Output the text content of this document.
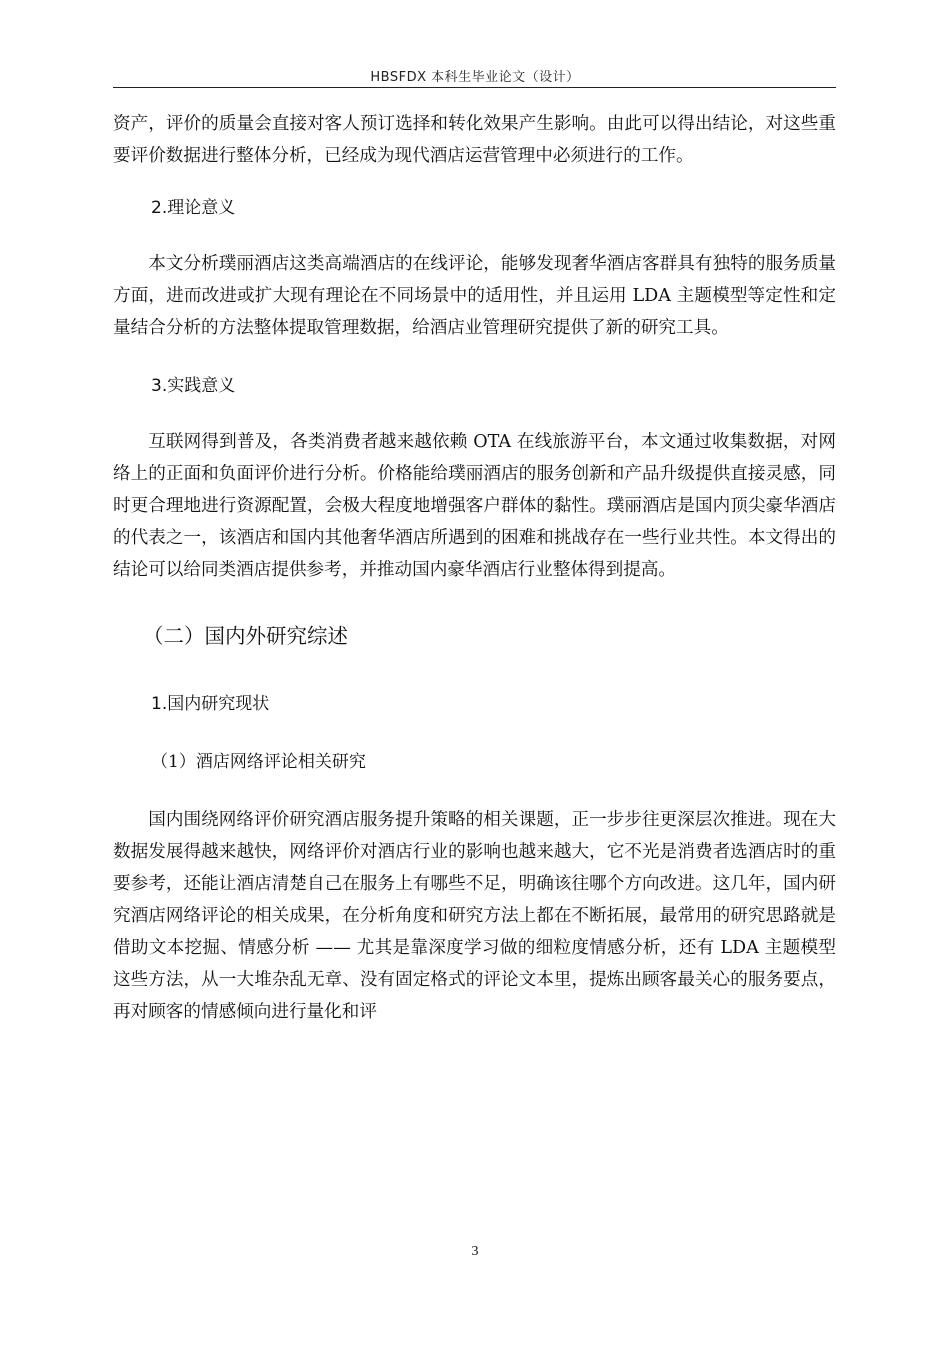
HBSFDX 本科生毕业论文（设计）

资产，评价的质量会直接对客人预订选择和转化效果产生影响。由此可以得出结论，对这些重要评价数据进行整体分析，已经成为现代酒店运营管理中必须进行的工作。

2.理论意义

本文分析璞丽酒店这类高端酒店的在线评论，能够发现奢华酒店客群具有独特的服务质量方面，进而改进或扩大现有理论在不同场景中的适用性，并且运用 LDA 主题模型等定性和定量结合分析的方法整体提取管理数据，给酒店业管理研究提供了新的研究工具。

3.实践意义

互联网得到普及，各类消费者越来越依赖 OTA 在线旅游平台，本文通过收集数据，对网络上的正面和负面评价进行分析。价格能给璞丽酒店的服务创新和产品升级提供直接灵感，同时更合理地进行资源配置，会极大程度地增强客户群体的黏性。璞丽酒店是国内顶尖豪华酒店的代表之一，该酒店和国内其他奢华酒店所遇到的困难和挑战存在一些行业共性。本文得出的结论可以给同类酒店提供参考，并推动国内豪华酒店行业整体得到提高。

（二）国内外研究综述

1.国内研究现状

（1）酒店网络评论相关研究

国内围绕网络评价研究酒店服务提升策略的相关课题，正一步步往更深层次推进。现在大数据发展得越来越快，网络评价对酒店行业的影响也越来越大，它不光是消费者选酒店时的重要参考，还能让酒店清楚自己在服务上有哪些不足，明确该往哪个方向改进。这几年，国内研究酒店网络评论的相关成果，在分析角度和研究方法上都在不断拓展，最常用的研究思路就是借助文本挖掘、情感分析 —— 尤其是靠深度学习做的细粒度情感分析，还有 LDA 主题模型这些方法，从一大堆杂乱无章、没有固定格式的评论文本里，提炼出顾客最关心的服务要点，再对顾客的情感倾向进行量化和评

3
